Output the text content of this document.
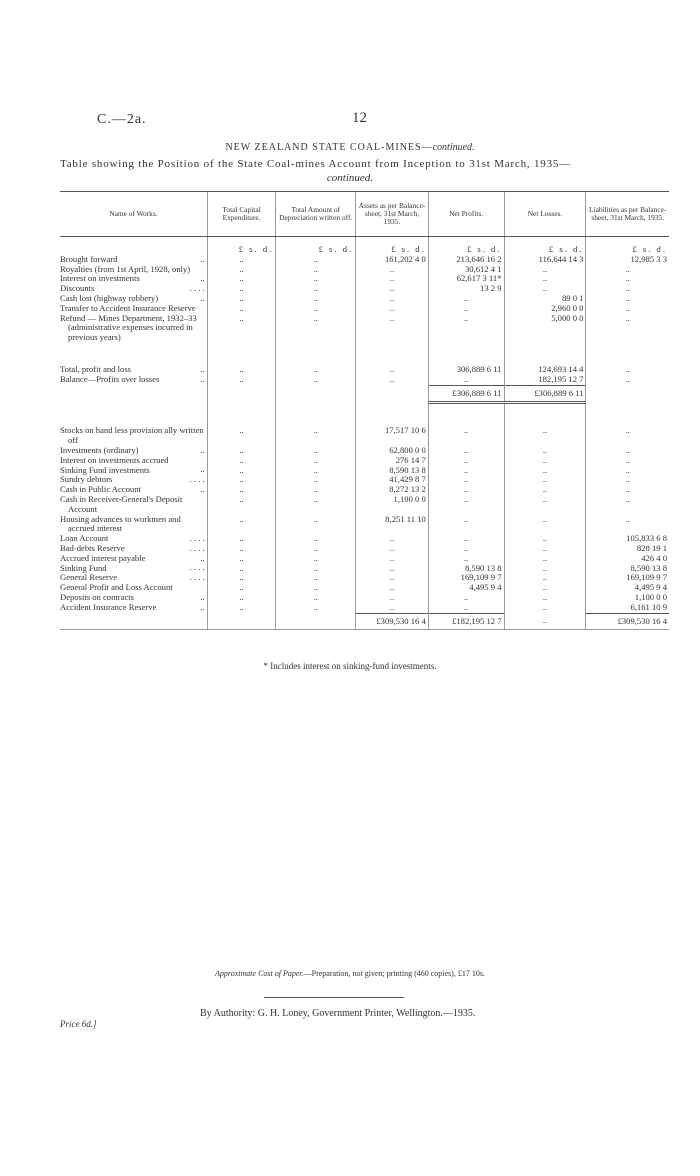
C.—2a.	12
NEW ZEALAND STATE COAL-MINES—continued.
Table showing the Position of the State Coal-mines Account from Inception to 31st March, 1935—
continued.
Name of Works.	Total Capital Expenditure.	Total Amount of Depreciation written off.	Assets as per Balance-sheet, 31st March, 1935.	Net Profits.	Net Losses.	Liabilities as per Balance-sheet, 31st March, 1935.
	£ s. d.	£ s. d.	£ s. d.	£ s. d.	£ s. d.	£ s. d.

Brought forward ..	..	..	161,202 4 0	213,646 16 2	116,644 14 3	12,985 3 3

Royalties (from 1st April, 1928, only)	..	..	..	30,612 4 1	..	..

Interest on investments ..	..	..	..	62,617 3 11*	..	..

Discounts . . . .	..	..	..	13 2 9	..	..

Cash lost (highway robbery) ..	..	..	..	..	89 0 1	..

Transfer to Accident Insurance Reserve	..	..	..	..	2,960 0 0	..

Refund — Mines Department, 1932–33 (administrative expenses incurred in previous years)	..	..	..	..	5,000 0 0	..

Total, profit and loss ..	..	..	..	306,889 6 11	124,693 14 4	..

Balance—Profits over losses ..	..	..	..	..	182,195 12 7	..
				£306,889 6 11	£306,889 6 11	

Stocks on hand less provision ally written off	..	..	17,517 10 6	..	..	..

Investments (ordinary) ..	..	..	62,800 0 0	..	..	..

Interest on investments accrued	..	..	276 14 7	..	..	..

Sinking Fund investments ..	..	..	8,590 13 8	..	..	..

Sundry debtors . . . .	..	..	41,429 8 7	..	..	..

Cash in Public Account ..	..	..	8,272 13 2	..	..	..

Cash in Receiver-General's Deposit Account	..	..	1,100 0 0	..	..	..

Housing advances to workmen and accrued interest	..	..	8,251 11 10	..	..	..

Loan Account . . . .	..	..	..	..	..	105,833 6 8

Bad-debts Reserve . . . .	..	..	..	..	..	828 19 1

Accrued interest payable ..	..	..	..	..	..	426 4 0

Sinking Fund . . . .	..	..	..	8,590 13 8	..	8,590 13 8

General Reserve . . . .	..	..	..	169,109 9 7	..	169,109 9 7

General Profit and Loss Account	..	..	..	4,495 9 4	..	4,495 9 4

Deposits on contracts ..	..	..	..	..	..	1,100 0 0

Accident Insurance Reserve ..	..	..	..	..	..	6,161 10 9
			£309,530 16 4	£182,195 12 7	..	£309,530 16 4
* Includes interest on sinking-fund investments.
Approximate Cost of Paper.—Preparation, not given; printing (460 copies), £17 10s.
By Authority: G. H. Loney, Government Printer, Wellington.—1935.
Price 6d.]
